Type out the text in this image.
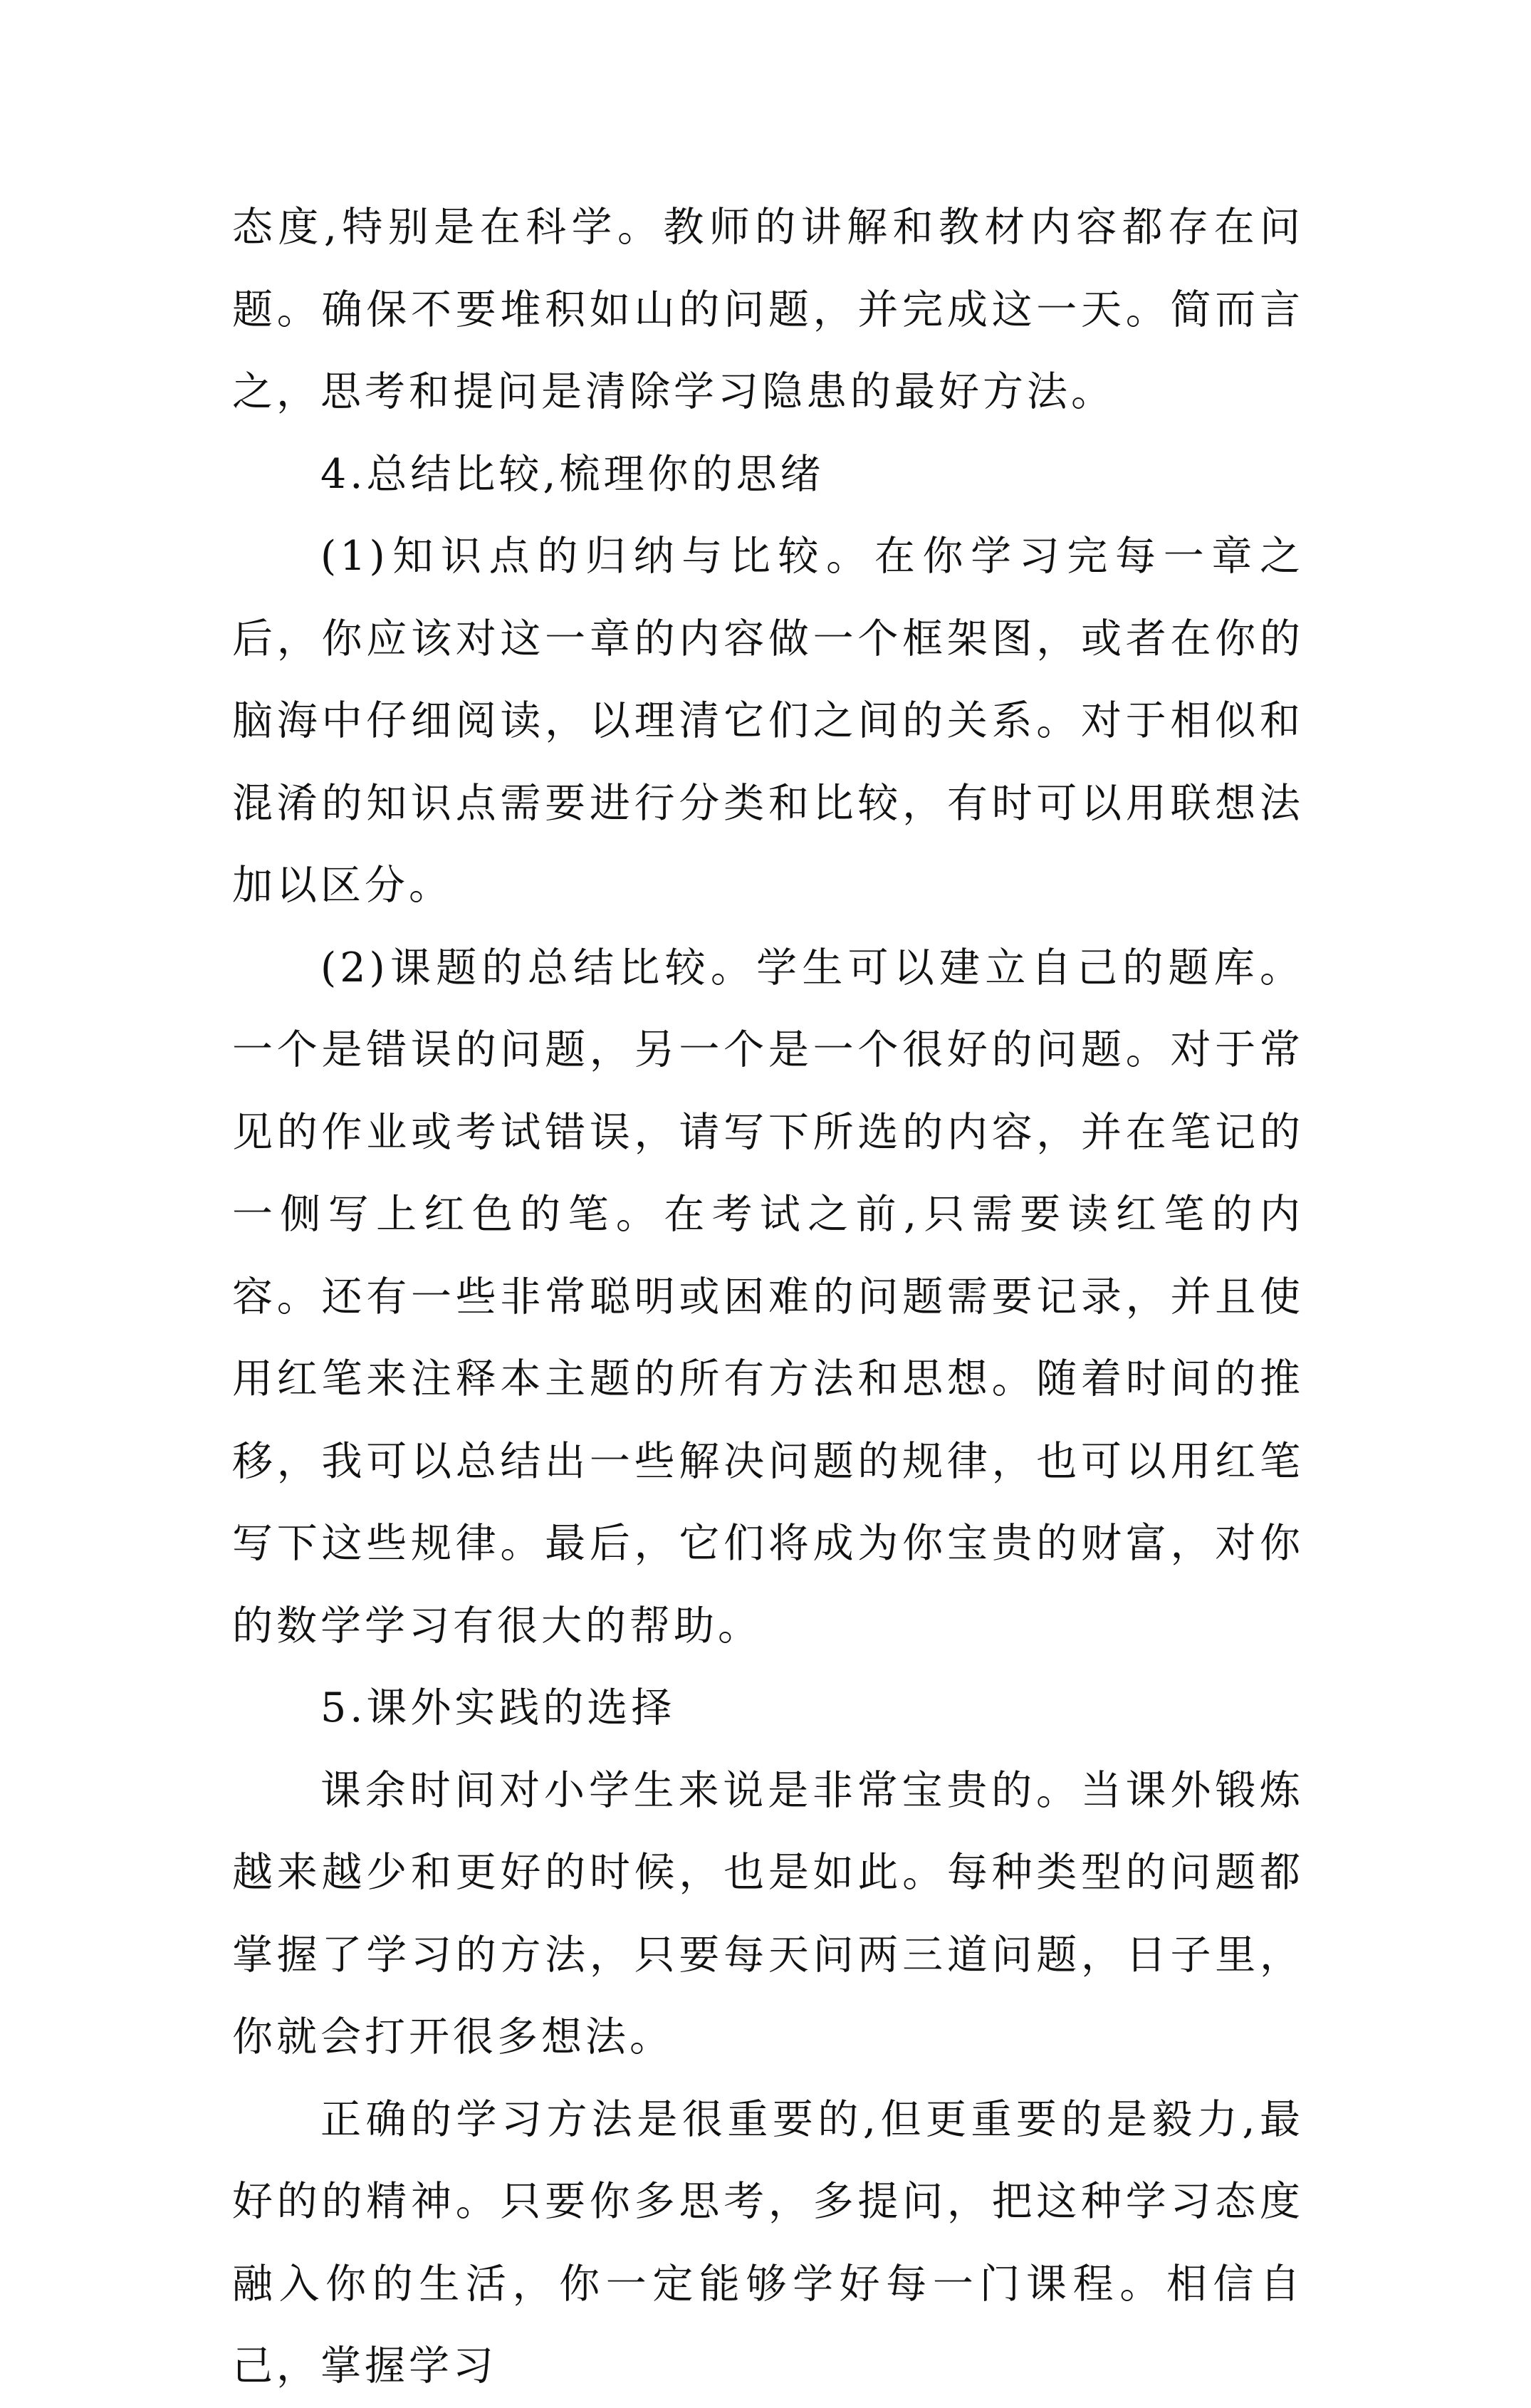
态度,特别是在科学。教师的讲解和教材内容都存在问题。确保不要堆积如山的问题，并完成这一天。简而言之，思考和提问是清除学习隐患的最好方法。

4.总结比较,梳理你的思绪

(1)知识点的归纳与比较。在你学习完每一章之后，你应该对这一章的内容做一个框架图，或者在你的脑海中仔细阅读，以理清它们之间的关系。对于相似和混淆的知识点需要进行分类和比较，有时可以用联想法加以区分。

(2)课题的总结比较。学生可以建立自己的题库。一个是错误的问题，另一个是一个很好的问题。对于常见的作业或考试错误，请写下所选的内容，并在笔记的一侧写上红色的笔。在考试之前,只需要读红笔的内容。还有一些非常聪明或困难的问题需要记录，并且使用红笔来注释本主题的所有方法和思想。随着时间的推移，我可以总结出一些解决问题的规律，也可以用红笔写下这些规律。最后，它们将成为你宝贵的财富，对你的数学学习有很大的帮助。

5.课外实践的选择

课余时间对小学生来说是非常宝贵的。当课外锻炼越来越少和更好的时候，也是如此。每种类型的问题都掌握了学习的方法，只要每天问两三道问题，日子里，你就会打开很多想法。

正确的学习方法是很重要的,但更重要的是毅力,最好的的精神。只要你多思考，多提问，把这种学习态度融入你的生活，你一定能够学好每一门课程。相信自己，掌握学习
